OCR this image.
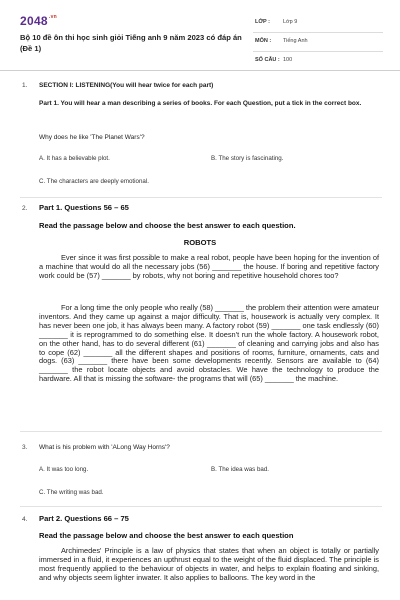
$2048^{.vn}$
Bộ 10 đề ôn thi học sinh giỏi Tiếng anh 9 năm 2023 có đáp án (Đề 1)
LỚP : Lớp 9
MÔN : Tiếng Anh
SỐ CÂU : 100
1. SECTION I: LISTENING(You will hear twice for each part)
Part 1. You will hear a man describing a series of books. For each Question, put a tick in the correct box.
Why does he like 'The Planet Wars'?
A. It has a believable plot.	B. The story is fascinating.
C. The characters are deeply emotional.
2. Part 1. Questions 56 – 65
Read the passage below and choose the best answer to each question.
ROBOTS
Ever since it was first possible to make a real robot, people have been hoping for the invention of a machine that would do all the necessary jobs (56) _______ the house. If boring and repetitive factory work could be (57) _______ by robots, why not boring and repetitive household chores too?
For a long time the only people who really (58) _______ the problem their attention were amateur inventors. And they came up against a major difficulty. That is, housework is actually very complex. It has never been one job, it has always been many. A factory robot (59) _______ one task endlessly (60) _______ it is reprogrammed to do something else. It doesn't run the whole factory. A housework robot, on the other hand, has to do several different (61) _______ of cleaning and carrying jobs and also has to cope (62) _______ all the different shapes and positions of rooms, furniture, ornaments, cats and dogs. (63) _______ there have been some developments recently. Sensors are available to (64) _______ the robot locate objects and avoid obstacles. We have the technology to produce the hardware. All that is missing the software- the programs that will (65) _______ the machine.
3. What is his problem with 'ALong Way Horns'?
A. It was too long.	B. The idea was bad.
C. The writing was bad.
4. Part 2. Questions 66 – 75
Read the passage below and choose the best answer to each question
Archimedes' Principle is a law of physics that states that when an object is totally or partially immersed in a fluid, it experiences an upthrust equal to the weight of the fluid displaced. The principle is most frequently applied to the behaviour of objects in water, and helps to explain floating and sinking, and why objects seem lighter inwater. It also applies to balloons. The key word in the
